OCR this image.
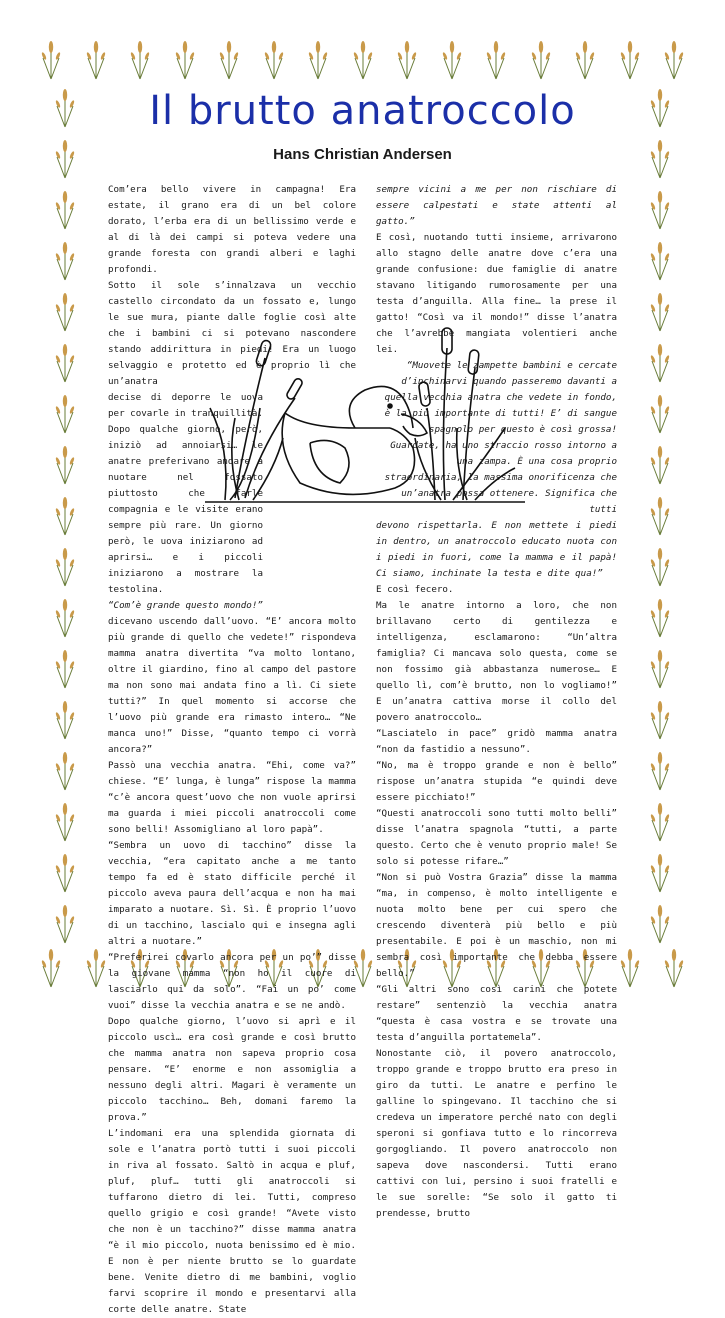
Il brutto anatroccolo
Hans Christian Andersen

Com’era bello vivere in campagna! Era estate, il grano era di un bel colore dorato, l’erba era di un bellissimo verde e al di là dei campi si poteva vedere una grande foresta con grandi alberi e laghi profondi.

Sotto il sole s’innalzava un vecchio castello circondato da un fossato e, lungo le sue mura, piante dalle foglie così alte che i bambini ci si potevano nascondere stando addirittura in piedi! Era un luogo selvaggio e protetto ed è proprio lì che un’anatra

decise di deporre le uova per covarle in tranquillità. Dopo qualche giorno, però, iniziò ad annoiarsi… le anatre preferivano andare a nuotare nel fossato piuttosto che farle compagnia e le visite erano sempre più rare. Un giorno però, le uova iniziarono ad aprirsi… e i piccoli iniziarono a mostrare la testolina.

“Com’è grande questo mondo!”

dicevano uscendo dall’uovo. “E’ ancora molto più grande di quello che vedete!” rispondeva mamma anatra divertita “va molto lontano, oltre il giardino, fino al campo del pastore ma non sono mai andata fino a lì. Ci siete tutti?” In quel momento si accorse che l’uovo più grande era rimasto intero… “Ne manca uno!” Disse, “quanto tempo ci vorrà ancora?”

Passò una vecchia anatra. “Ehi, come va?” chiese. “E’ lunga, è lunga” rispose la mamma “c’è ancora quest’uovo che non vuole aprirsi ma guarda i miei piccoli anatroccoli come sono belli! Assomigliano al loro papà”.

“Sembra un uovo di tacchino” disse la vecchia, “era capitato anche a me tanto tempo fa ed è stato difficile perché il piccolo aveva paura dell’acqua e non ha mai imparato a nuotare. Sì. Sì. È proprio l’uovo di un tacchino, lascialo qui e insegna agli altri a nuotare.”

“Preferirei covarlo ancora per un po’” disse la giovane mamma “non ho il cuore di lasciarlo qui da solo”. “Fai un po’ come vuoi” disse la vecchia anatra e se ne andò.

Dopo qualche giorno, l’uovo si aprì e il piccolo uscì… era così grande e così brutto che mamma anatra non sapeva proprio cosa pensare. “E’ enorme e non assomiglia a nessuno degli altri. Magari è veramente un piccolo tacchino… Beh, domani faremo la prova.”

L’indomani era una splendida giornata di sole e l’anatra portò tutti i suoi piccoli in riva al fossato. Saltò in acqua e pluf, pluf, pluf… tutti gli anatroccoli si tuffarono dietro di lei. Tutti, compreso quello grigio e così grande! “Avete visto che non è un tacchino?” disse mamma anatra “è il mio piccolo, nuota benissimo ed è mio. E non è per niente brutto se lo guardate bene. Venite dietro di me bambini, voglio farvi scoprire il mondo e presentarvi alla corte delle anatre. State

sempre vicini a me per non rischiare di essere calpestati e state attenti al gatto.”

E così, nuotando tutti insieme, arrivarono allo stagno delle anatre dove c’era una grande confusione: due famiglie di anatre stavano litigando rumorosamente per una testa d’anguilla. Alla fine… la prese il gatto! “Così va il mondo!” disse l’anatra che l’avrebbe mangiata volentieri anche lei.

“Muovete le zampette bambini e cercate d’inchinarvi quando passeremo davanti a quella vecchia anatra che vedete in fondo, è la più importante di tutti! E’ di sangue spagnolo per questo è così grossa! Guardate, ha uno straccio rosso intorno a una zampa. È una cosa proprio straordinaria, la massima onorificenza che un’anatra possa ottenere. Significa che tutti

devono rispettarla. E non mettete i piedi in dentro, un anatroccolo educato nuota con i piedi in fuori, come la mamma e il papà! Ci siamo, inchinate la testa e dite qua!”

E così fecero.

Ma le anatre intorno a loro, che non brillavano certo di gentilezza e intelligenza, esclamarono: “Un’altra famiglia? Ci mancava solo questa, come se non fossimo già abbastanza numerose… E quello lì, com’è brutto, non lo vogliamo!” E un’anatra cattiva morse il collo del povero anatroccolo…

“Lasciatelo in pace” gridò mamma anatra “non da fastidio a nessuno”.

“No, ma è troppo grande e non è bello” rispose un’anatra stupida “e quindi deve essere picchiato!”

“Questi anatroccoli sono tutti molto belli” disse l’anatra spagnola “tutti, a parte questo. Certo che è venuto proprio male! Se solo si potesse rifare…”

“Non si può Vostra Grazia” disse la mamma “ma, in compenso, è molto intelligente e nuota molto bene per cui spero che crescendo diventerà più bello e più presentabile. E poi è un maschio, non mi sembra così importante che debba essere bello.”

“Gli altri sono così carini che potete restare” sentenziò la vecchia anatra “questa è casa vostra e se trovate una testa d’anguilla portatemela”.

Nonostante ciò, il povero anatroccolo, troppo grande e troppo brutto era preso in giro da tutti. Le anatre e perfino le galline lo spingevano. Il tacchino che si credeva un imperatore perché nato con degli speroni si gonfiava tutto e lo rincorreva gorgogliando. Il povero anatroccolo non sapeva dove nascondersi. Tutti erano cattivi con lui, persino i suoi fratelli e le sue sorelle: “Se solo il gatto ti prendesse, brutto
